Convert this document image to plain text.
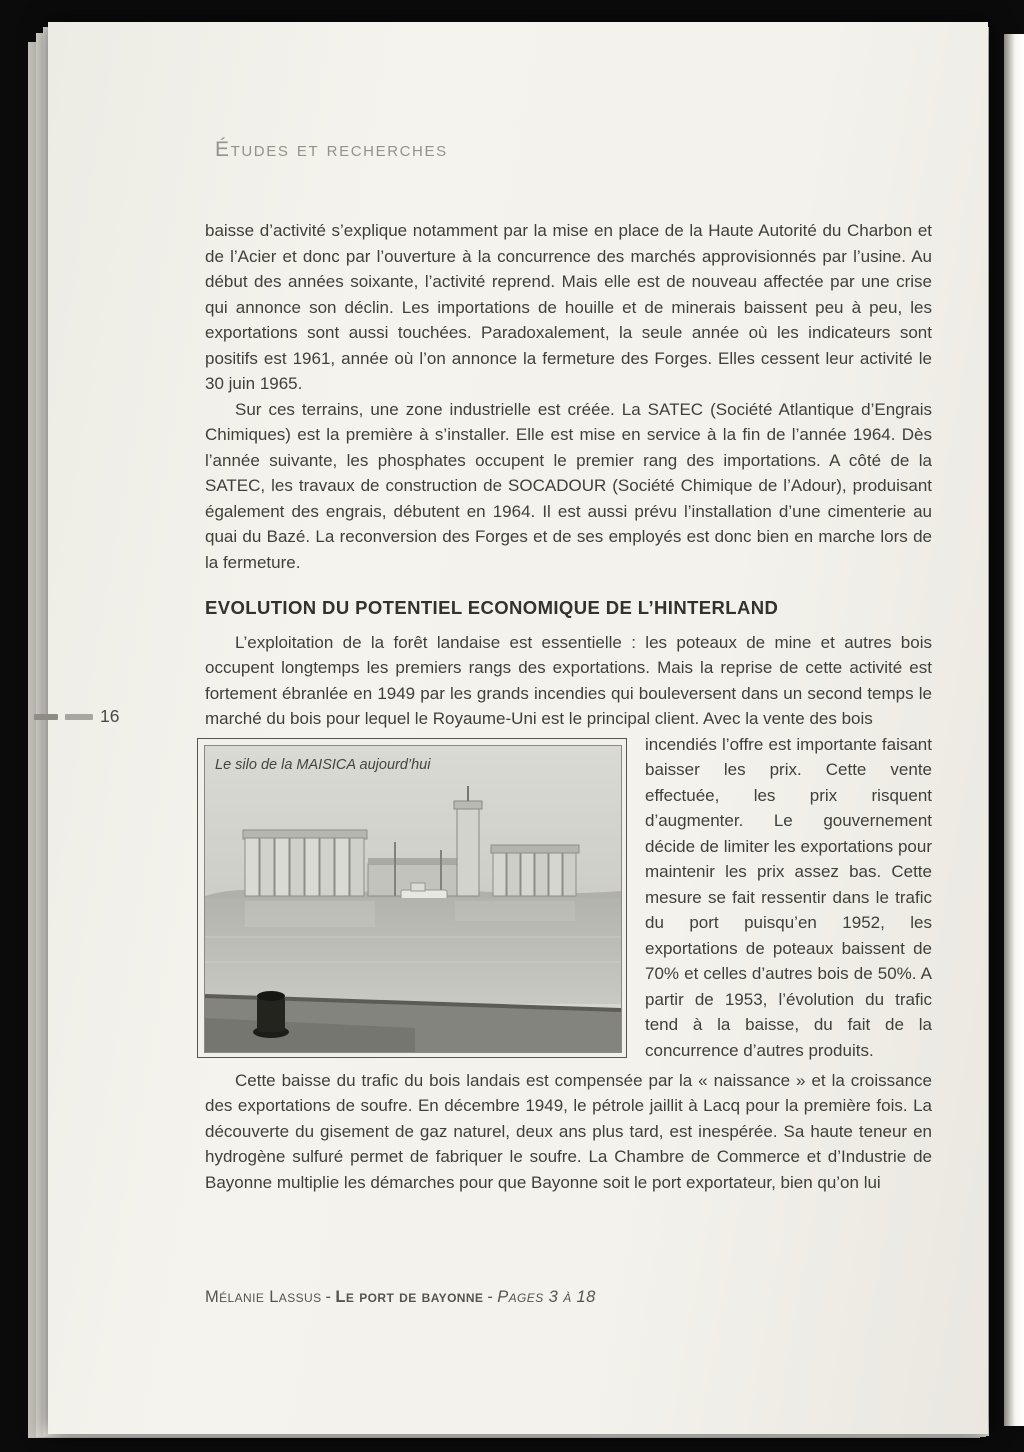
Études et recherches
16

baisse d’activité s’explique notamment par la mise en place de la Haute Autorité du Charbon et de l’Acier et donc par l’ouverture à la concurrence des marchés approvisionnés par l’usine. Au début des années soixante, l’activité reprend. Mais elle est de nouveau affectée par une crise qui annonce son déclin. Les importations de houille et de minerais baissent peu à peu, les exportations sont aussi touchées. Paradoxalement, la seule année où les indicateurs sont positifs est 1961, année où l’on annonce la fermeture des Forges. Elles cessent leur activité le 30 juin 1965.

Sur ces terrains, une zone industrielle est créée. La SATEC (Société Atlantique d’Engrais Chimiques) est la première à s’installer. Elle est mise en service à la fin de l’année 1964. Dès l’année suivante, les phosphates occupent le premier rang des importations. A côté de la SATEC, les travaux de construction de SOCADOUR (Société Chimique de l’Adour), produisant également des engrais, débutent en 1964. Il est aussi prévu l’installation d’une cimenterie au quai du Bazé. La reconversion des Forges et de ses employés est donc bien en marche lors de la fermeture.

EVOLUTION DU POTENTIEL ECONOMIQUE DE L’HINTERLAND

L’exploitation de la forêt landaise est essentielle : les poteaux de mine et autres bois occupent longtemps les premiers rangs des exportations. Mais la reprise de cette activité est fortement ébranlée en 1949 par les grands incendies qui bouleversent dans un second temps le marché du bois pour lequel le Royaume-Uni est le principal client. Avec la vente des bois

Le silo de la MAISICA aujourd’hui

incendiés l’offre est importante faisant baisser les prix. Cette vente effectuée, les prix risquent d’augmenter. Le gouvernement décide de limiter les exportations pour maintenir les prix assez bas. Cette mesure se fait ressentir dans le trafic du port puisqu’en 1952, les exportations de poteaux baissent de 70% et celles d’autres bois de 50%. A partir de 1953, l’évolution du trafic tend à la baisse, du fait de la concurrence d’autres produits.

Cette baisse du trafic du bois landais est compensée par la « naissance » et la croissance des exportations de soufre. En décembre 1949, le pétrole jaillit à Lacq pour la première fois. La découverte du gisement de gaz naturel, deux ans plus tard, est inespérée. Sa haute teneur en hydrogène sulfuré permet de fabriquer le soufre. La Chambre de Commerce et d’Industrie de Bayonne multiplie les démarches pour que Bayonne soit le port exportateur, bien qu’on lui

Mélanie Lassus - Le port de bayonne - Pages 3 à 18
